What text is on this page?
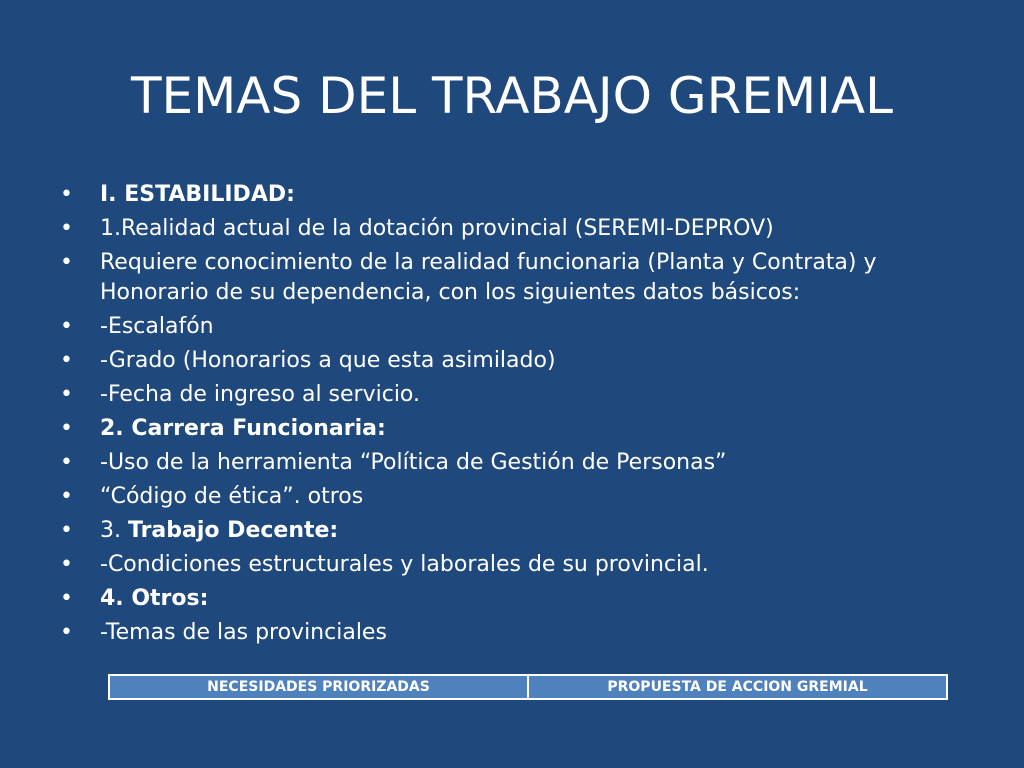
TEMAS DEL TRABAJO GREMIAL
• I. ESTABILIDAD:
• 1.Realidad actual de la dotación provincial (SEREMI-DEPROV)
• Requiere conocimiento de la realidad funcionaria (Planta y Contrata) y Honorario de su dependencia, con los siguientes datos básicos:
• -Escalafón
• -Grado (Honorarios a que esta asimilado)
• -Fecha de ingreso al servicio.
• 2. Carrera Funcionaria:
• -Uso de la herramienta “Política de Gestión de Personas”
• “Código de ética”. otros
• 3. Trabajo Decente:
• -Condiciones estructurales y laborales de su provincial.
• 4. Otros:
• -Temas de las provinciales
NECESIDADES PRIORIZADAS	PROPUESTA DE ACCION GREMIAL
